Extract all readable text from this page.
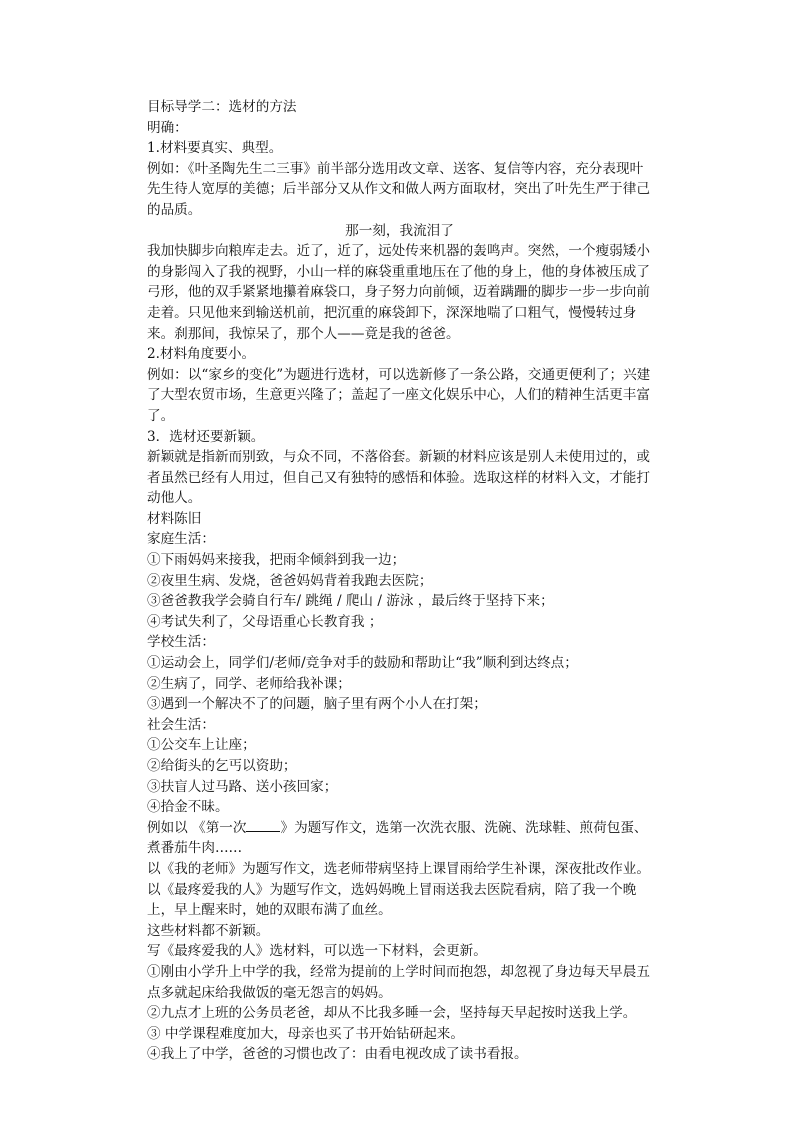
目标导学二：选材的方法

明确：

1.材料要真实、典型。

例如：《叶圣陶先生二三事》前半部分选用改文章、送客、复信等内容，充分表现叶先生待人宽厚的美德；后半部分又从作文和做人两方面取材，突出了叶先生严于律己的品质。

那一刻，我流泪了

我加快脚步向粮库走去。近了，近了，远处传来机器的轰鸣声。突然，一个瘦弱矮小的身影闯入了我的视野，小山一样的麻袋重重地压在了他的身上，他的身体被压成了弓形，他的双手紧紧地攥着麻袋口，身子努力向前倾，迈着蹒跚的脚步一步一步向前走着。只见他来到输送机前，把沉重的麻袋卸下，深深地喘了口粗气，慢慢转过身来。刹那间，我惊呆了，那个人——竟是我的爸爸。

2.材料角度要小。

例如：以“家乡的变化”为题进行选材，可以选新修了一条公路，交通更便利了；兴建了大型农贸市场，生意更兴隆了；盖起了一座文化娱乐中心，人们的精神生活更丰富了。

3．选材还要新颖。

新颖就是指新而别致，与众不同，不落俗套。新颖的材料应该是别人未使用过的，或者虽然已经有人用过，但自己又有独特的感悟和体验。选取这样的材料入文，才能打动他人。

材料陈旧

家庭生活：

①下雨妈妈来接我，把雨伞倾斜到我一边；

②夜里生病、发烧，爸爸妈妈背着我跑去医院；

③爸爸教我学会骑自行车/ 跳绳 / 爬山 / 游泳 ，最后终于坚持下来；

④考试失利了，父母语重心长教育我 ；

学校生活：

①运动会上，同学们/老师/竞争对手的鼓励和帮助让“我”顺利到达终点；

②生病了，同学、老师给我补课；

③遇到一个解决不了的问题，脑子里有两个小人在打架；

社会生活：

①公交车上让座；

②给街头的乞丐以资助；

③扶盲人过马路、送小孩回家；

④拾金不昧。

例如以 《第一次	》为题写作文，选第一次洗衣服、洗碗、洗球鞋、煎荷包蛋、煮番茄牛肉……

以《我的老师》为题写作文，选老师带病坚持上课冒雨给学生补课，深夜批改作业。

以《最疼爱我的人》为题写作文，选妈妈晚上冒雨送我去医院看病，陪了我一个晚上，早上醒来时，她的双眼布满了血丝。

这些材料都不新颖。

写《最疼爱我的人》选材料，可以选一下材料，会更新。

①刚由小学升上中学的我，经常为提前的上学时间而抱怨，却忽视了身边每天早晨五点多就起床给我做饭的毫无怨言的妈妈。

②九点才上班的公务员老爸，却从不比我多睡一会，坚持每天早起按时送我上学。

③ 中学课程难度加大，母亲也买了书开始钻研起来。

④我上了中学，爸爸的习惯也改了：由看电视改成了读书看报。
